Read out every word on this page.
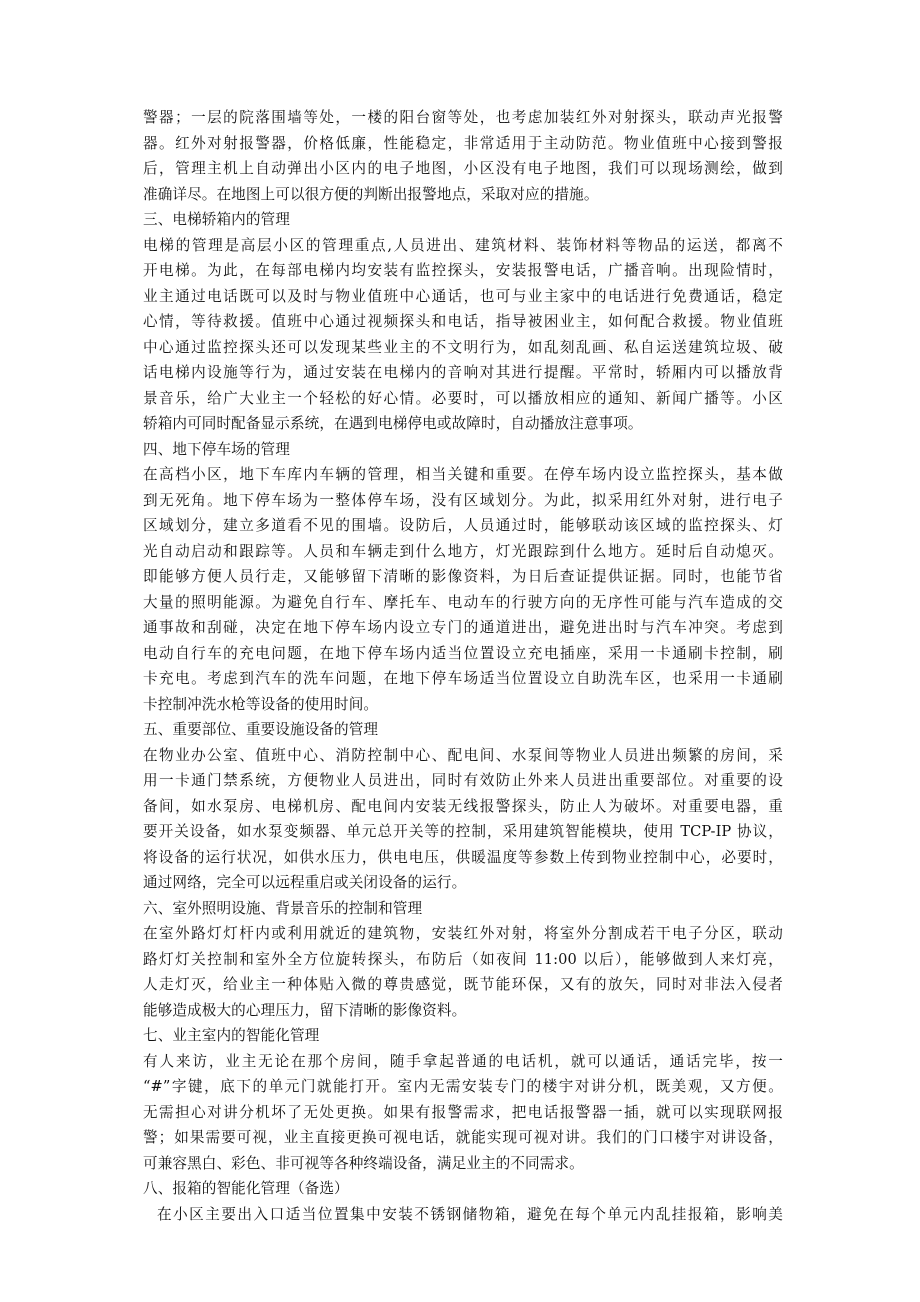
警器；一层的院落围墙等处，一楼的阳台窗等处，也考虑加装红外对射探头，联动声光报警
器。红外对射报警器，价格低廉，性能稳定，非常适用于主动防范。物业值班中心接到警报
后，管理主机上自动弹出小区内的电子地图，小区没有电子地图，我们可以现场测绘，做到
准确详尽。在地图上可以很方便的判断出报警地点，采取对应的措施。
三、电梯轿箱内的管理
电梯的管理是高层小区的管理重点,人员进出、建筑材料、装饰材料等物品的运送，都离不
开电梯。为此，在每部电梯内均安装有监控探头，安装报警电话，广播音响。出现险情时，
业主通过电话既可以及时与物业值班中心通话，也可与业主家中的电话进行免费通话，稳定
心情，等待救援。值班中心通过视频探头和电话，指导被困业主，如何配合救援。物业值班
中心通过监控探头还可以发现某些业主的不文明行为，如乱刻乱画、私自运送建筑垃圾、破
话电梯内设施等行为，通过安装在电梯内的音响对其进行提醒。平常时，轿厢内可以播放背
景音乐，给广大业主一个轻松的好心情。必要时，可以播放相应的通知、新闻广播等。小区
轿箱内可同时配备显示系统，在遇到电梯停电或故障时，自动播放注意事项。
四、地下停车场的管理
在高档小区，地下车库内车辆的管理，相当关键和重要。在停车场内设立监控探头，基本做
到无死角。地下停车场为一整体停车场，没有区域划分。为此，拟采用红外对射，进行电子
区域划分，建立多道看不见的围墙。设防后，人员通过时，能够联动该区域的监控探头、灯
光自动启动和跟踪等。人员和车辆走到什么地方，灯光跟踪到什么地方。延时后自动熄灭。
即能够方便人员行走，又能够留下清晰的影像资料，为日后查证提供证据。同时，也能节省
大量的照明能源。为避免自行车、摩托车、电动车的行驶方向的无序性可能与汽车造成的交
通事故和刮碰，决定在地下停车场内设立专门的通道进出，避免进出时与汽车冲突。考虑到
电动自行车的充电问题，在地下停车场内适当位置设立充电插座，采用一卡通刷卡控制，刷
卡充电。考虑到汽车的洗车问题，在地下停车场适当位置设立自助洗车区，也采用一卡通刷
卡控制冲洗水枪等设备的使用时间。
五、重要部位、重要设施设备的管理
在物业办公室、值班中心、消防控制中心、配电间、水泵间等物业人员进出频繁的房间，采
用一卡通门禁系统，方便物业人员进出，同时有效防止外来人员进出重要部位。对重要的设
备间，如水泵房、电梯机房、配电间内安装无线报警探头，防止人为破坏。对重要电器，重
要开关设备，如水泵变频器、单元总开关等的控制，采用建筑智能模块，使用 TCP-IP 协议，
将设备的运行状况，如供水压力，供电电压，供暖温度等参数上传到物业控制中心，必要时，
通过网络，完全可以远程重启或关闭设备的运行。
六、室外照明设施、背景音乐的控制和管理
在室外路灯灯杆内或利用就近的建筑物，安装红外对射，将室外分割成若干电子分区，联动
路灯灯关控制和室外全方位旋转探头，布防后（如夜间 11:00 以后），能够做到人来灯亮，
人走灯灭，给业主一种体贴入微的尊贵感觉，既节能环保，又有的放矢，同时对非法入侵者
能够造成极大的心理压力，留下清晰的影像资料。
七、业主室内的智能化管理
有人来访，业主无论在那个房间，随手拿起普通的电话机，就可以通话，通话完毕，按一
“#”字键，底下的单元门就能打开。室内无需安装专门的楼宇对讲分机，既美观，又方便。
无需担心对讲分机坏了无处更换。如果有报警需求，把电话报警器一插，就可以实现联网报
警；如果需要可视，业主直接更换可视电话，就能实现可视对讲。我们的门口楼宇对讲设备，
可兼容黑白、彩色、非可视等各种终端设备，满足业主的不同需求。
八、报箱的智能化管理（备选）
在小区主要出入口适当位置集中安装不锈钢储物箱，避免在每个单元内乱挂报箱，影响美
